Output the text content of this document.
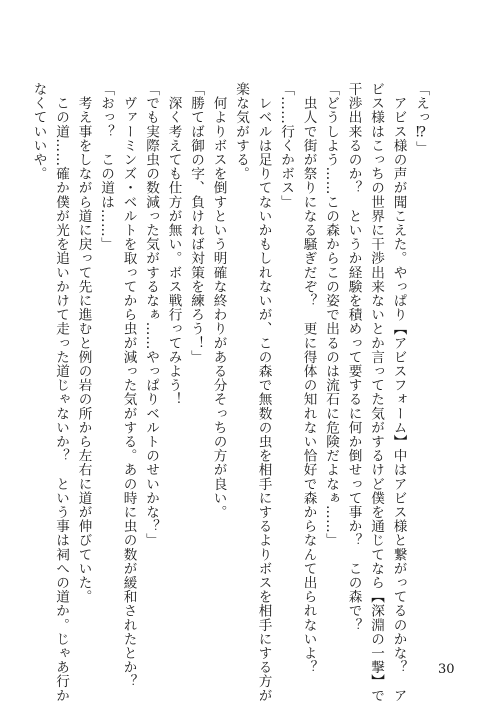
「えっ⁉」
　アビス様の声が聞こえた。やっぱり【アビスフォーム】中はアビス様と繋がってるのかな？　ア
ビス様はこっちの世界に干渉出来ないとか言ってた気がするけど僕を通じてなら【深淵の一撃】で
干渉出来るのか？　というか経験を積めって要するに何か倒せって事か？　この森で？
「どうしよう……この森からこの姿で出るのは流石に危険だよなぁ……」
　虫人で街が祭りになる騒ぎだぞ？　更に得体の知れない恰好で森からなんて出られないよ？
「……行くかボス」
　レベルは足りてないかもしれないが、この森で無数の虫を相手にするよりボスを相手にする方が
楽な気がする。
　何よりボスを倒すという明確な終わりがある分そっちの方が良い。
「勝てば御の字、負ければ対策を練ろう！」
　深く考えても仕方が無い。ボス戦行ってみよう！
「でも実際虫の数減った気がするなぁ……やっぱりベルトのせいかな？」
　ヴァーミンズ・ベルトを取ってから虫が減った気がする。あの時に虫の数が緩和されたとか？
「おっ？　この道は……」
　考え事をしながら道に戻って先に進むと例の岩の所から左右に道が伸びていた。
　この道……確か僕が光を追いかけて走った道じゃないか？　という事は祠への道か。じゃあ行か
なくていいや。
30
